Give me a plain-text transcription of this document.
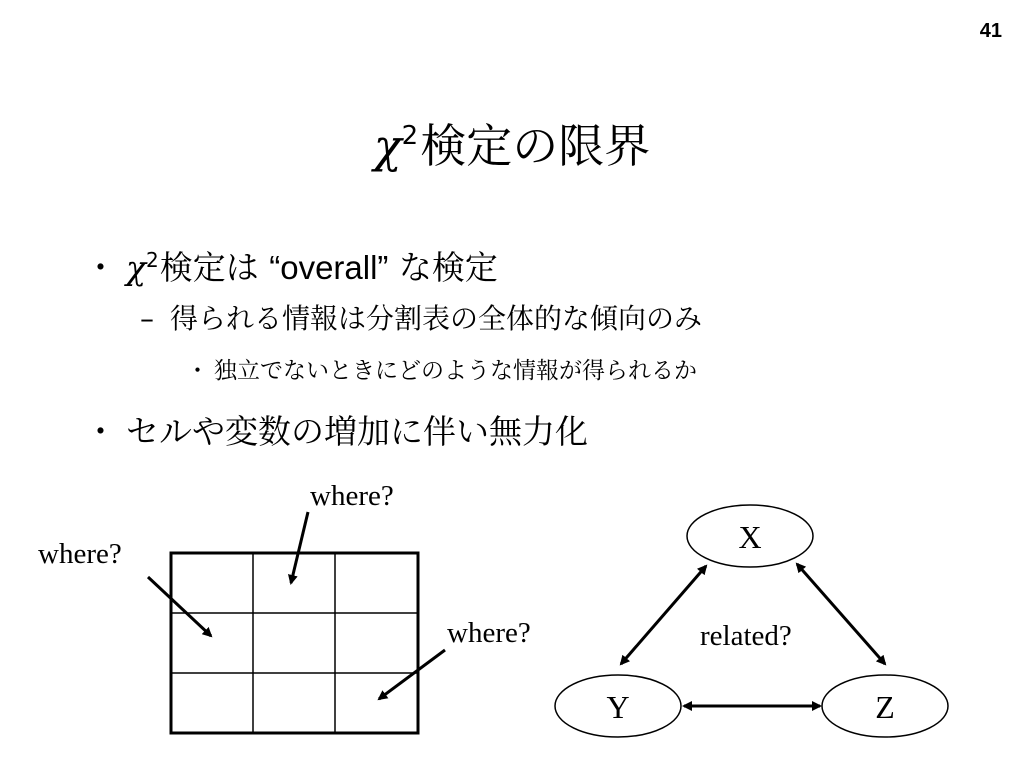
41
$\chi^2$検定の限界
・ $\chi^2$検定は “overall” な検定
– 得られる情報は分割表の全体的な傾向のみ
・ 独立でないときにどのような情報が得られるか
・ セルや変数の増加に伴い無力化
where?
where?
where?
X
Y	Z
related?
